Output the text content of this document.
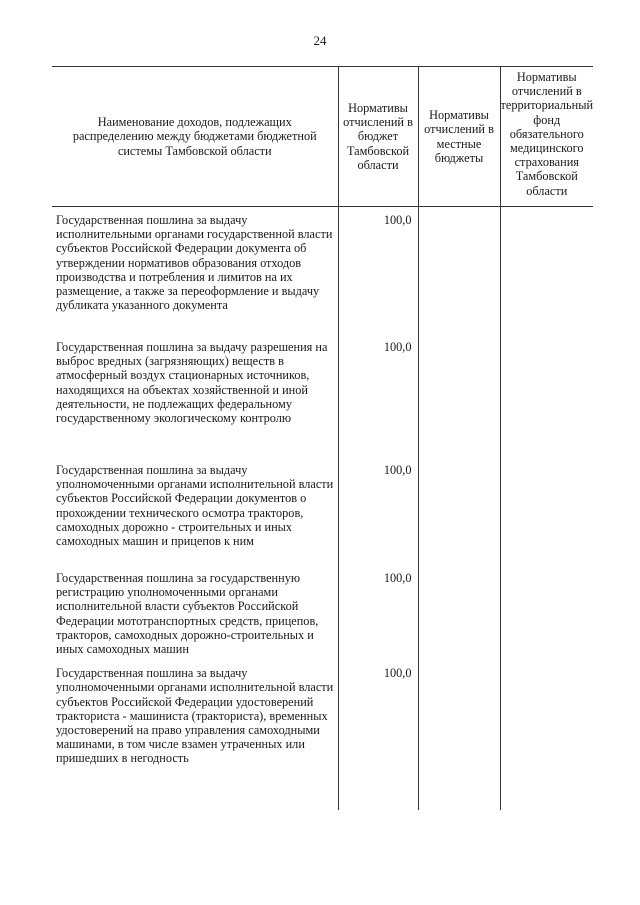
24
Наименование доходов, подлежащих распределению между бюджетами бюджетной системы Тамбовской области	Нормативы отчислений в бюджет Тамбовской области	Нормативы отчислений в местные бюджеты	Нормативы отчислений в территориальный фонд обязательного медицинского страхования Тамбовской области

Государственная пошлина за выдачу исполнительными органами государственной власти субъектов Российской Федерации документа об утверждении нормативов образования отходов производства и потребления и лимитов на их размещение, а также за переоформление и выдачу дубликата указанного документа	100,0		
Государственная пошлина за выдачу разрешения на выброс вредных (загрязняющих) веществ в атмосферный воздух стационарных источников, находящихся на объектах хозяйственной и иной деятельности, не подлежащих федеральному государственному экологическому контролю	100,0		
Государственная пошлина за выдачу уполномоченными органами исполнительной власти субъектов Российской Федерации документов о прохождении технического осмотра тракторов, самоходных дорожно - строительных и иных самоходных машин и прицепов к ним	100,0		
Государственная пошлина за государственную регистрацию уполномоченными органами исполнительной власти субъектов Российской Федерации мототранспортных средств, прицепов, тракторов, самоходных дорожно-строительных и иных самоходных машин	100,0		
Государственная пошлина за выдачу уполномоченными органами исполнительной власти субъектов Российской Федерации удостоверений тракториста - машиниста (тракториста), временных удостоверений на право управления самоходными машинами, в том числе взамен утраченных или пришедших в негодность	100,0		
